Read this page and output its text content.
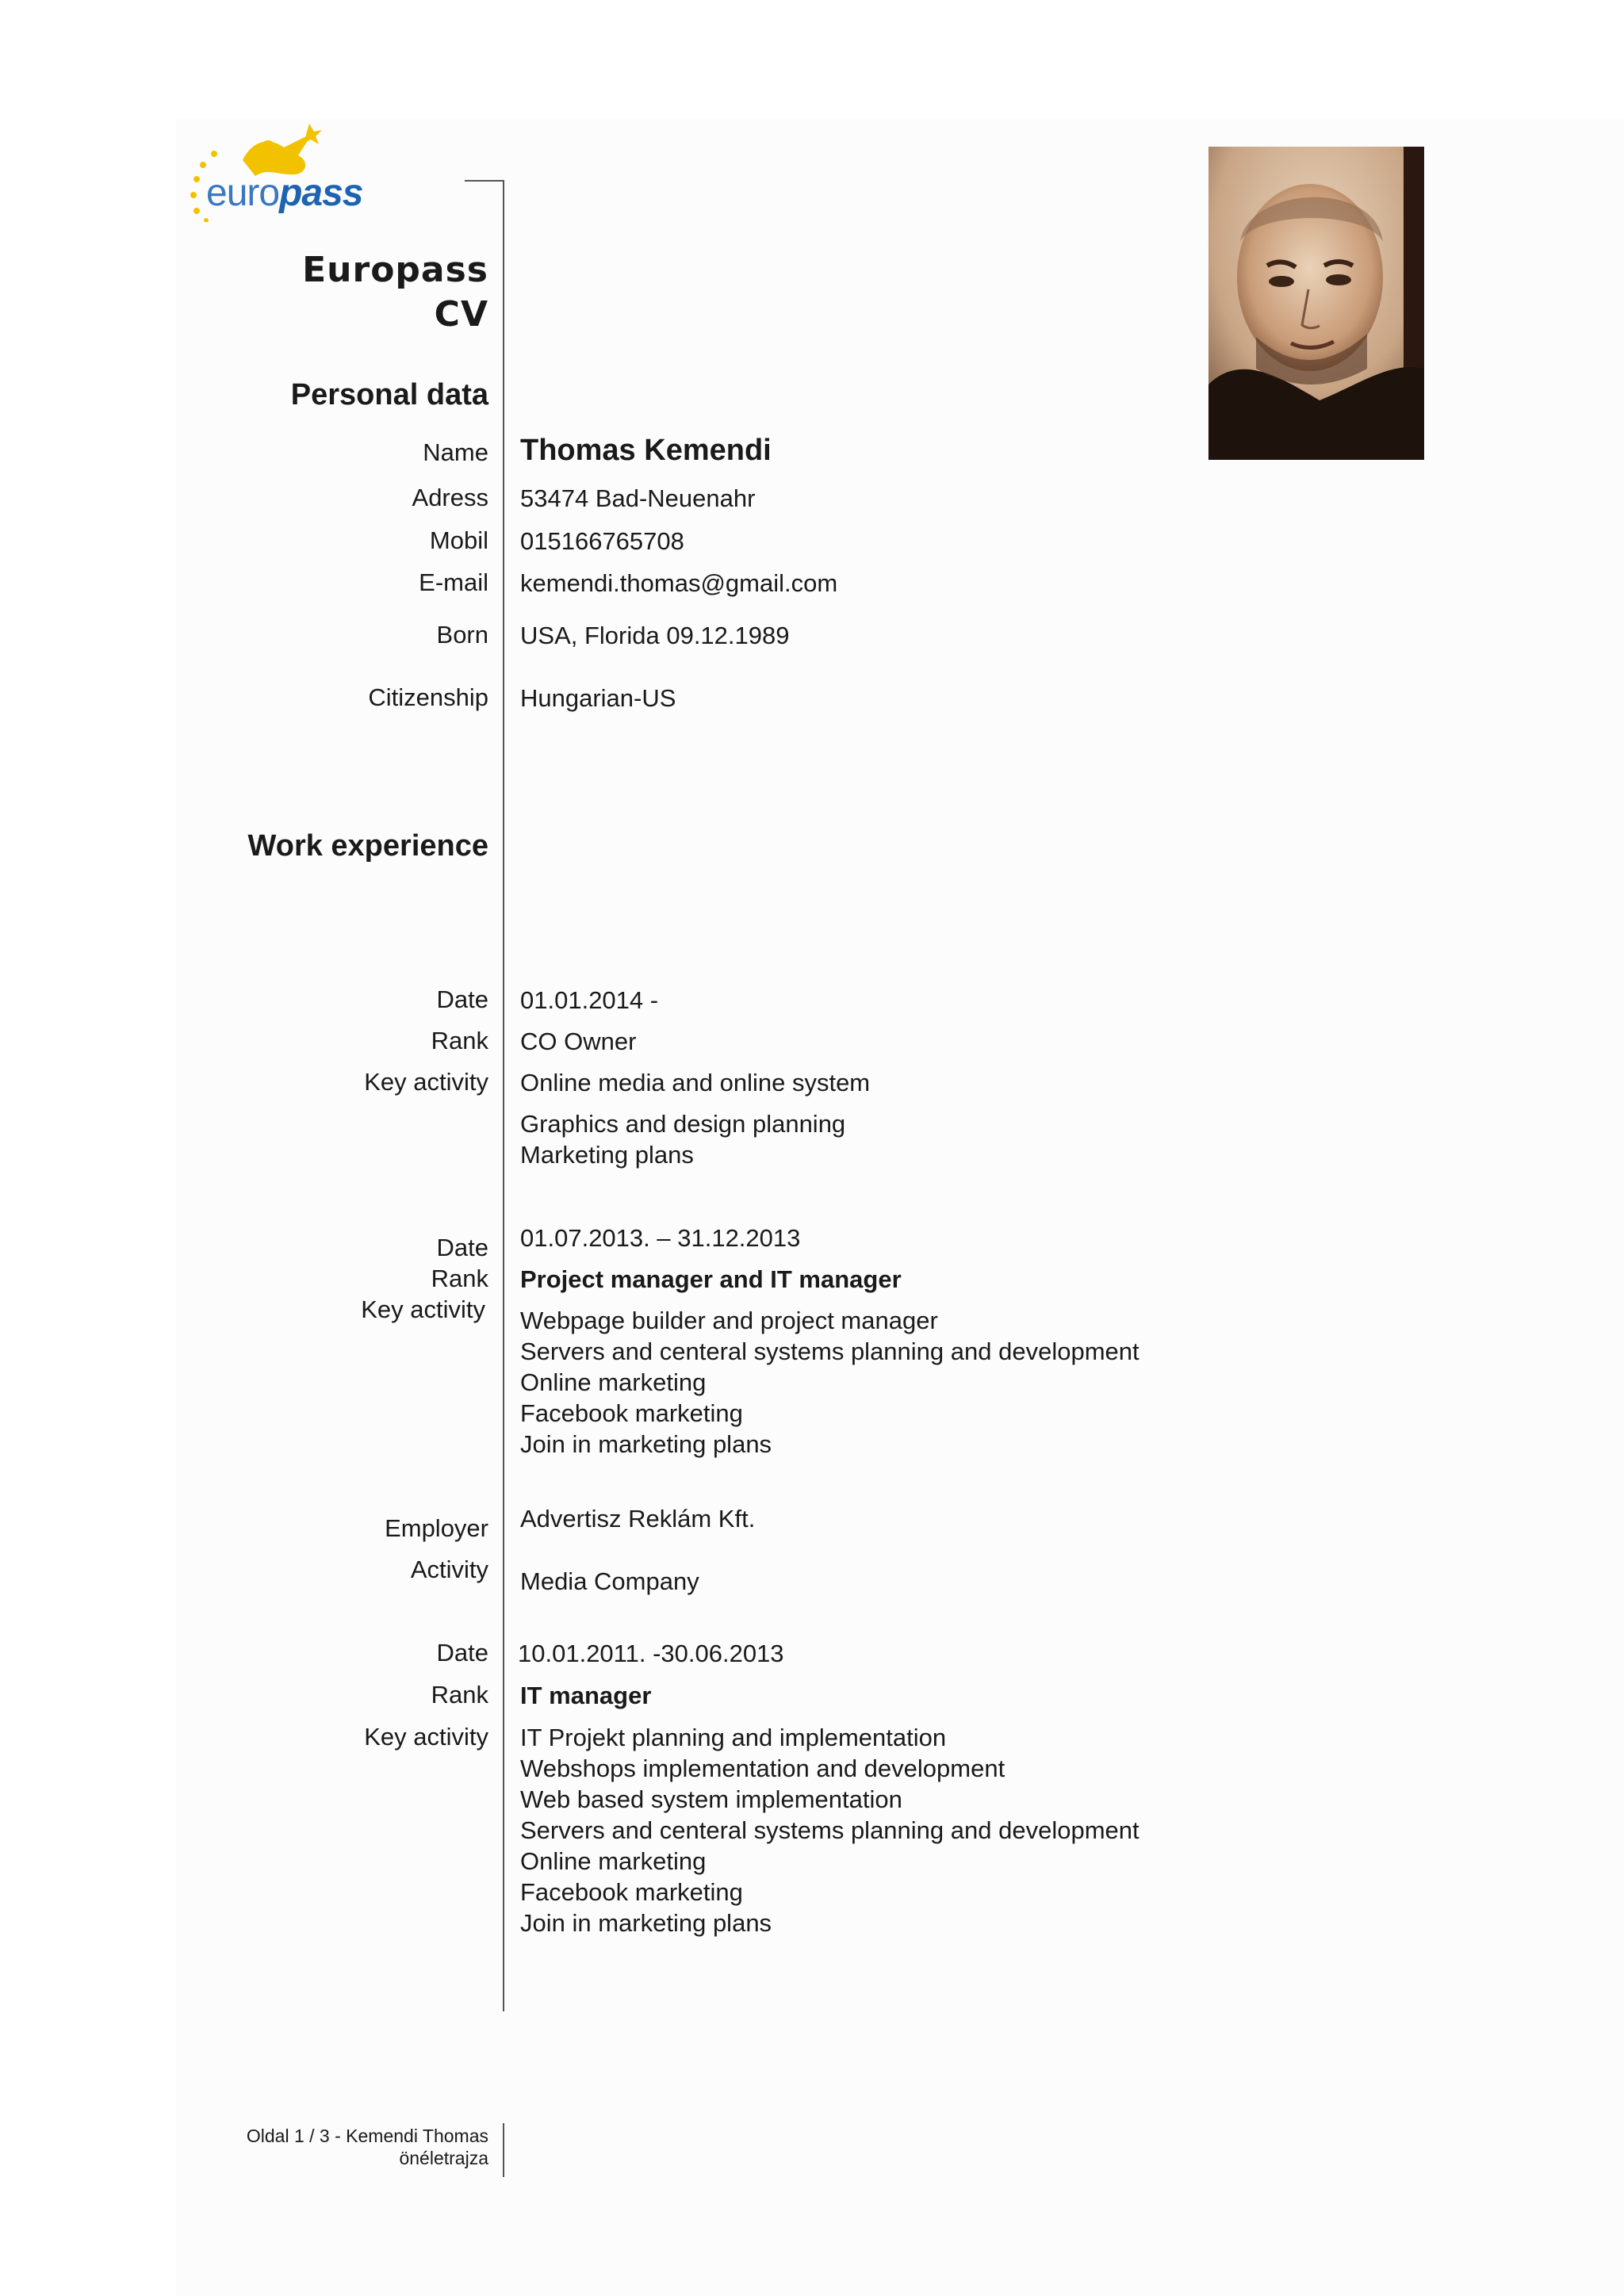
europass
Europass
CV
Personal data
Name Thomas Kemendi
Adress 53474 Bad-Neuenahr
Mobil 015166765708
E-mail kemendi.thomas@gmail.com
Born USA, Florida 09.12.1989
Citizenship Hungarian-US
Work experience
Date 01.01.2014 -
Rank CO Owner
Key activity Online media and online system
Graphics and design planning
Marketing plans
01.07.2013. – 31.12.2013
Date
Rank Project manager and IT manager
Key activity Webpage builder and project manager
Servers and centeral systems planning and development
Online marketing
Facebook marketing
Join in marketing plans
Advertisz Reklám Kft.
Employer
Activity Media Company
Date 10.01.2011. -30.06.2013
Rank IT manager
Key activity IT Projekt planning and implementation
Webshops implementation and development
Web based system implementation
Servers and centeral systems planning and development
Online marketing
Facebook marketing
Join in marketing plans
Oldal 1 / 3 - Kemendi Thomas
önéletrajza
